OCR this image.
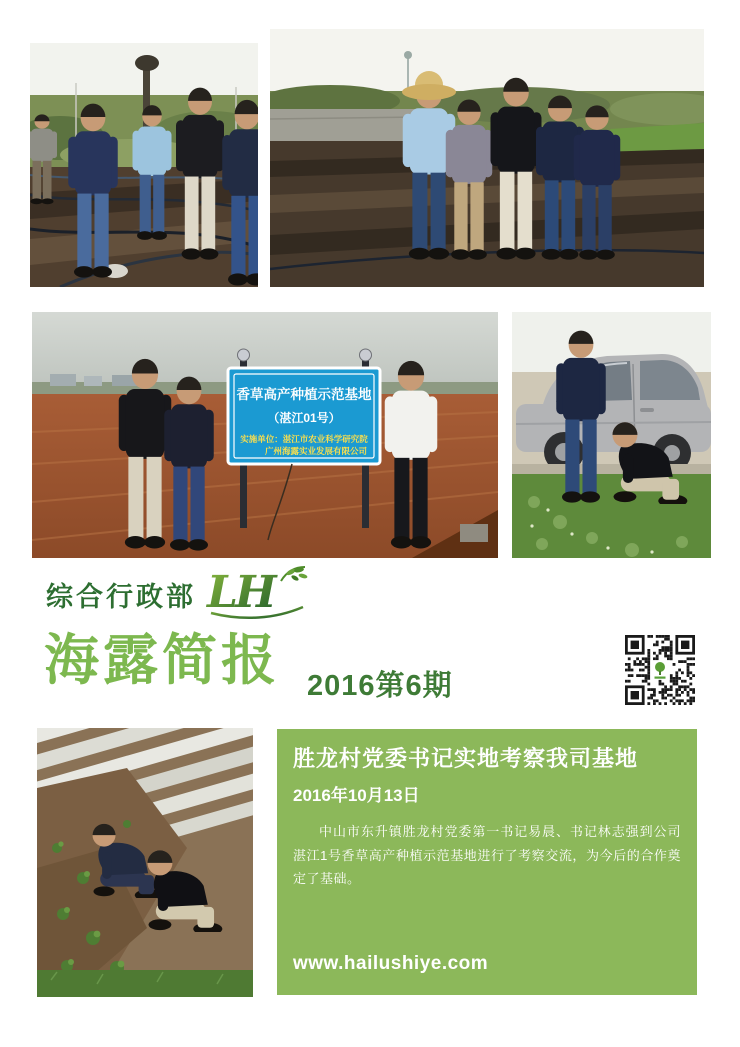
香草高产种植示范基地
（湛江01号）
实施单位：湛江市农业科学研究院
广州海露实业发展有限公司
综合行政部 LH
海露简报 2016第6期
胜龙村党委书记实地考察我司基地
2016年10月13日
中山市东升镇胜龙村党委第一书记易晨、书记林志强到公司湛江1号香草高产种植示范基地进行了考察交流，为今后的合作奠定了基础。
www.hailushiye.com
